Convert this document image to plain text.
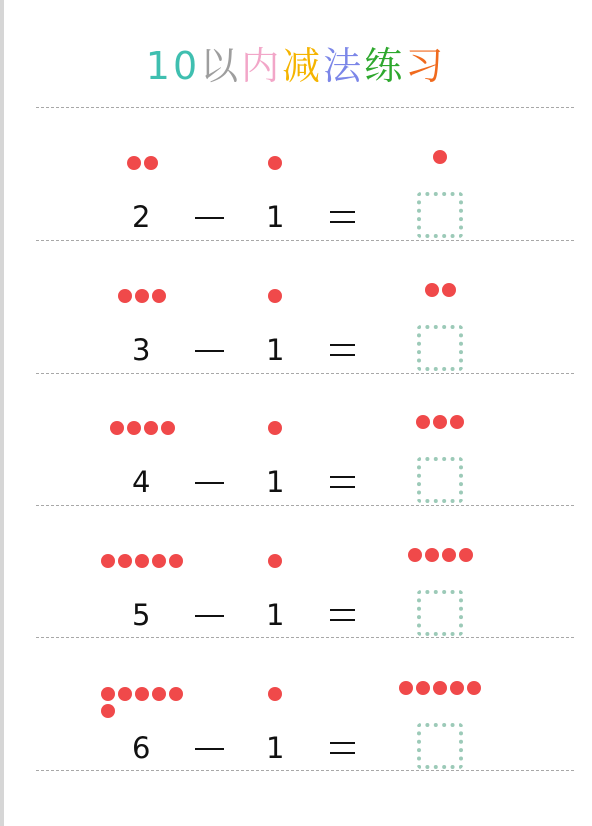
10以内减法练习
2	1
3	1
4	1
5	1
6	1
